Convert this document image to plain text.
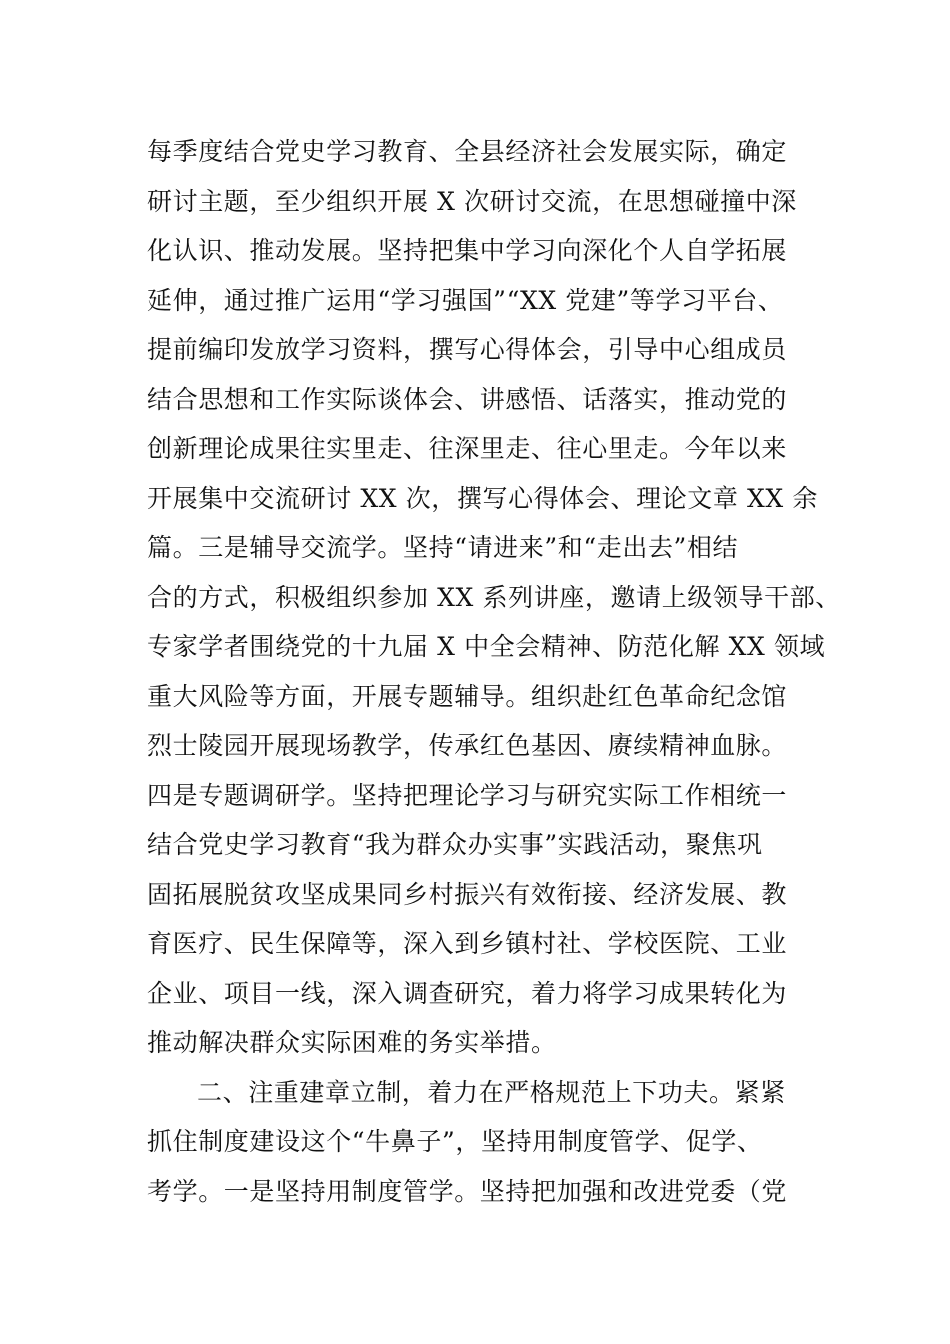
每季度结合党史学习教育、全县经济社会发展实际，确定
研讨主题，至少组织开展 X 次研讨交流，在思想碰撞中深
化认识、推动发展。坚持把集中学习向深化个人自学拓展
延伸，通过推广运用“学习强国”“XX 党建”等学习平台、
提前编印发放学习资料，撰写心得体会，引导中心组成员
结合思想和工作实际谈体会、讲感悟、话落实，推动党的
创新理论成果往实里走、往深里走、往心里走。今年以来
开展集中交流研讨 XX 次，撰写心得体会、理论文章 XX 余
篇。三是辅导交流学。坚持“请进来”和“走出去”相结
合的方式，积极组织参加 XX 系列讲座，邀请上级领导干部、
专家学者围绕党的十九届 X 中全会精神、防范化解 XX 领域
重大风险等方面，开展专题辅导。组织赴红色革命纪念馆
烈士陵园开展现场教学，传承红色基因、赓续精神血脉。
四是专题调研学。坚持把理论学习与研究实际工作相统一
结合党史学习教育“我为群众办实事”实践活动，聚焦巩
固拓展脱贫攻坚成果同乡村振兴有效衔接、经济发展、教
育医疗、民生保障等，深入到乡镇村社、学校医院、工业
企业、项目一线，深入调查研究，着力将学习成果转化为
推动解决群众实际困难的务实举措。
二、注重建章立制，着力在严格规范上下功夫。紧紧
抓住制度建设这个“牛鼻子”，坚持用制度管学、促学、
考学。一是坚持用制度管学。坚持把加强和改进党委（党
